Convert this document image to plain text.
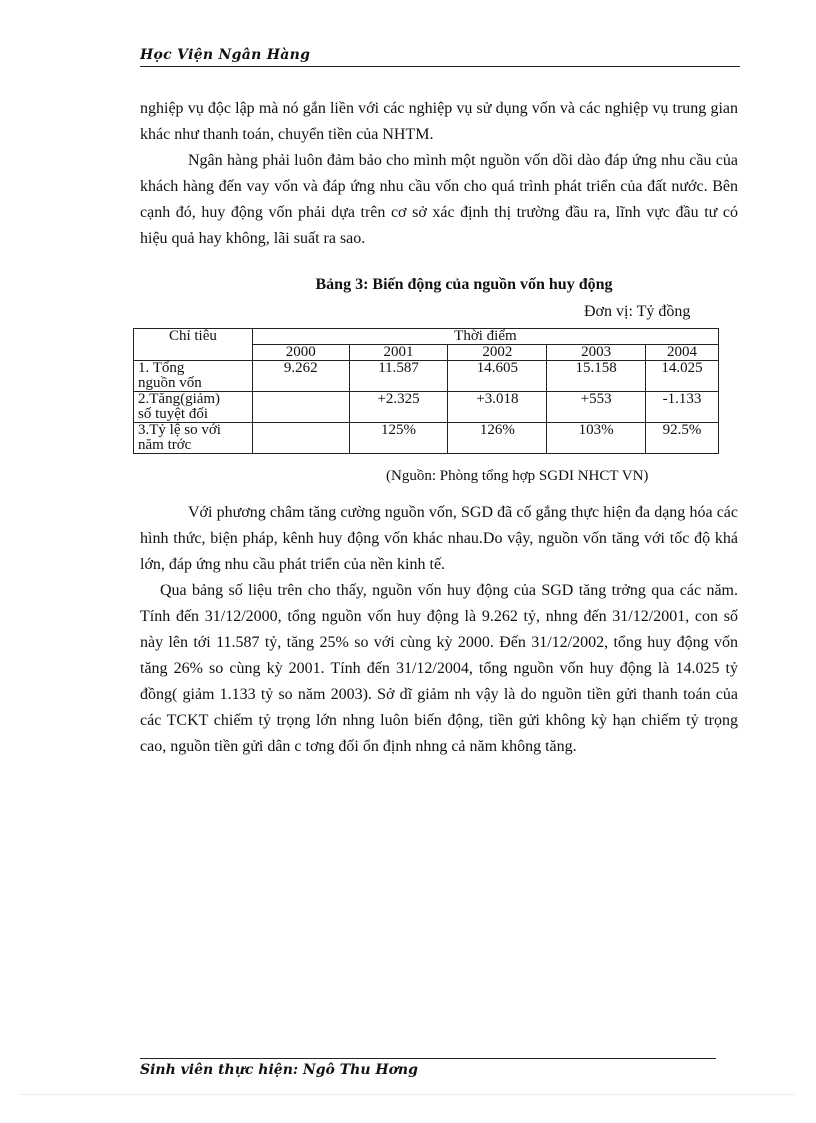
Học Viện Ngân Hàng

nghiệp vụ độc lập mà nó gắn liền với các nghiệp vụ sử dụng vốn và các nghiệp vụ trung gian khác như thanh toán, chuyển tiền của NHTM.

Ngân hàng phải luôn đảm bảo cho mình một nguồn vốn dồi dào đáp ứng nhu cầu của khách hàng đến vay vốn và đáp ứng nhu cầu vốn cho quá trình phát triển của đất nước. Bên cạnh đó, huy động vốn phải dựa trên cơ sở xác định thị trường đầu ra, lĩnh vực đầu tư có hiệu quả hay không, lãi suất ra sao.

Bảng 3: Biến động của nguồn vốn huy động
Đơn vị: Tỷ đồng
Chỉ tiêu	Thời điểm				
	2000	2001	2002	2003	2004
1. Tổng
nguồn vốn	9.262	11.587	14.605	15.158	14.025
2.Tăng(giảm)
số tuyệt đối		+2.325	+3.018	+553	-1.133
3.Tỷ lệ so với
năm trớc		125%	126%	103%	92.5%
(Nguồn: Phòng tổng hợp SGDI NHCT VN)

Với phương châm tăng cường nguồn vốn, SGD đã cố gắng thực hiện đa dạng hóa các hình thức, biện pháp, kênh huy động vốn khác nhau.Do vậy, nguồn vốn tăng với tốc độ khá lớn, đáp ứng nhu cầu phát triển của nền kinh tế.

Qua bảng số liệu trên cho thấy, nguồn vốn huy động của SGD tăng trởng qua các năm. Tính đến 31/12/2000, tổng nguồn vốn huy động là 9.262 tỷ, nhng đến 31/12/2001, con số này lên tới 11.587 tỷ, tăng 25% so với cùng kỳ 2000. Đến 31/12/2002, tổng huy động vốn tăng 26% so cùng kỳ 2001. Tính đến 31/12/2004, tổng nguồn vốn huy động là 14.025 tỷ đồng( giảm 1.133 tỷ so năm 2003). Sở dĩ giảm nh vậy là do nguồn tiền gửi thanh toán của các TCKT chiếm tỷ trọng lớn nhng luôn biến động, tiền gửi không kỳ hạn chiếm tỷ trọng cao, nguồn tiền gửi dân c tơng đối ổn định nhng cả năm không tăng.

Sinh viên thực hiện: Ngô Thu Hơng
